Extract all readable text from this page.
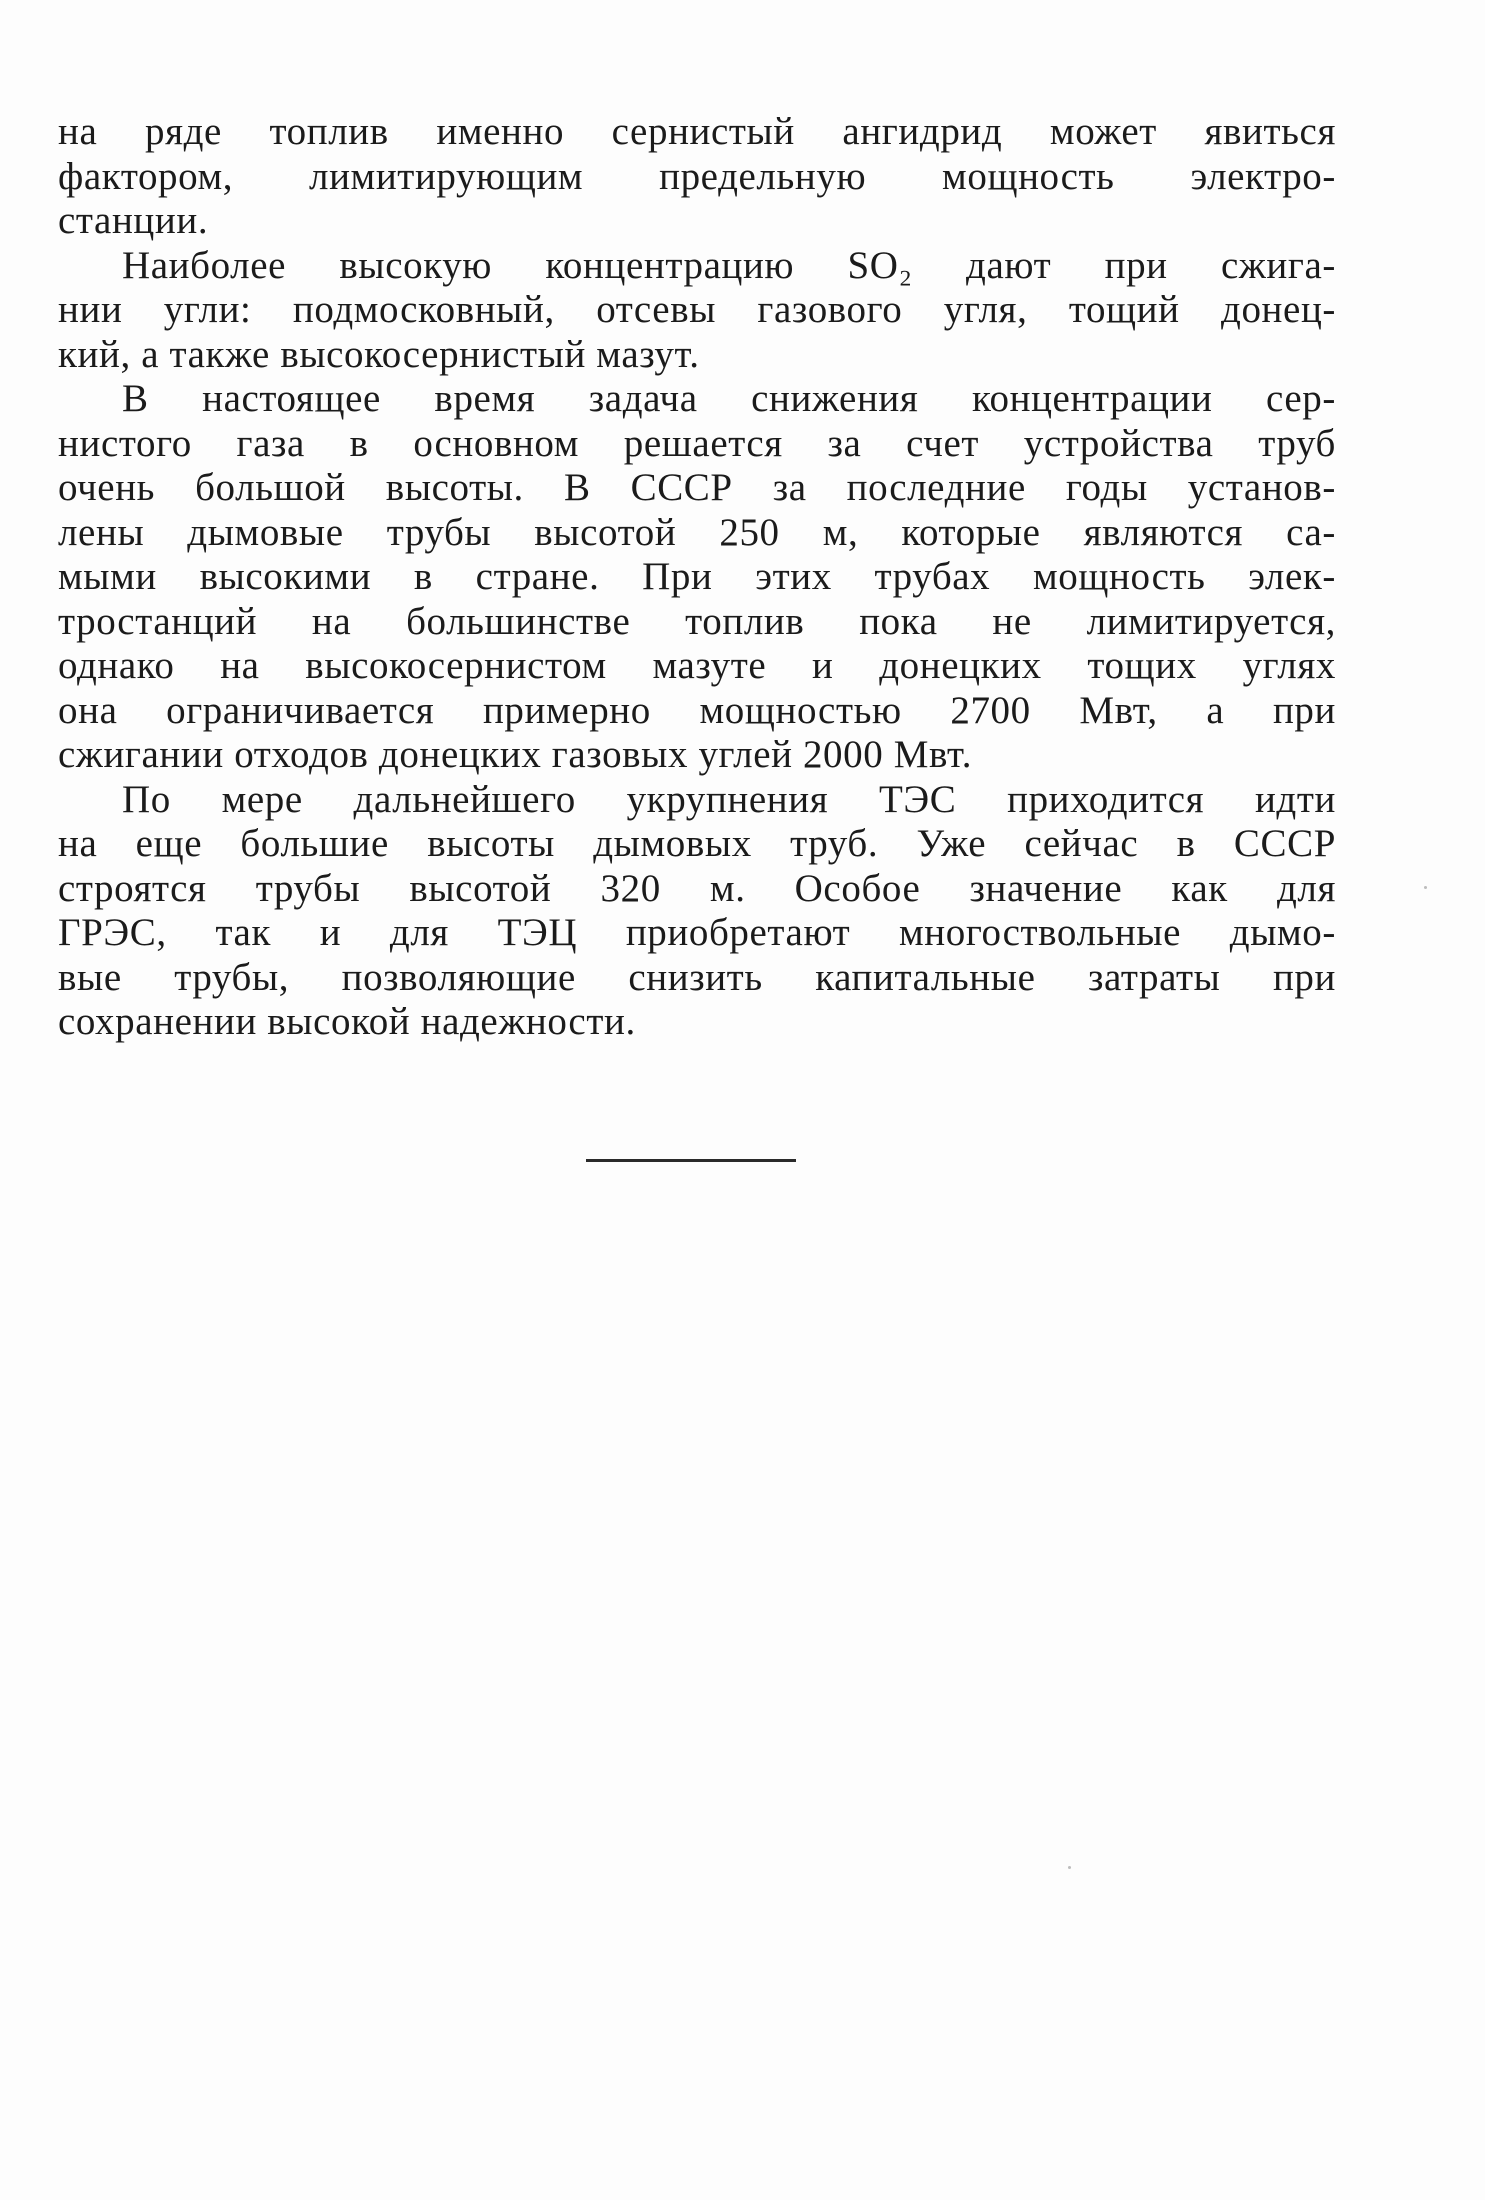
на ряде топлив именно сернистый ангидрид может явиться
фактором, лимитирующим предельную мощность электро-
станции.

Наиболее высокую концентрацию SO₂ дают при сжига-
нии угли: подмосковный, отсевы газового угля, тощий донец-
кий, а также высокосернистый мазут.

В настоящее время задача снижения концентрации сер-
нистого газа в основном решается за счет устройства труб
очень большой высоты. В СССР за последние годы установ-
лены дымовые трубы высотой 250 м, которые являются са-
мыми высокими в стране. При этих трубах мощность элек-
тростанций на большинстве топлив пока не лимитируется,
однако на высокосернистом мазуте и донецких тощих углях
она ограничивается примерно мощностью 2700 Мвт, а при
сжигании отходов донецких газовых углей 2000 Мвт.

По мере дальнейшего укрупнения ТЭС приходится идти
на еще большие высоты дымовых труб. Уже сейчас в СССР
строятся трубы высотой 320 м. Особое значение как для
ГРЭС, так и для ТЭЦ приобретают многоствольные дымо-
вые трубы, позволяющие снизить капитальные затраты при
сохранении высокой надежности.
